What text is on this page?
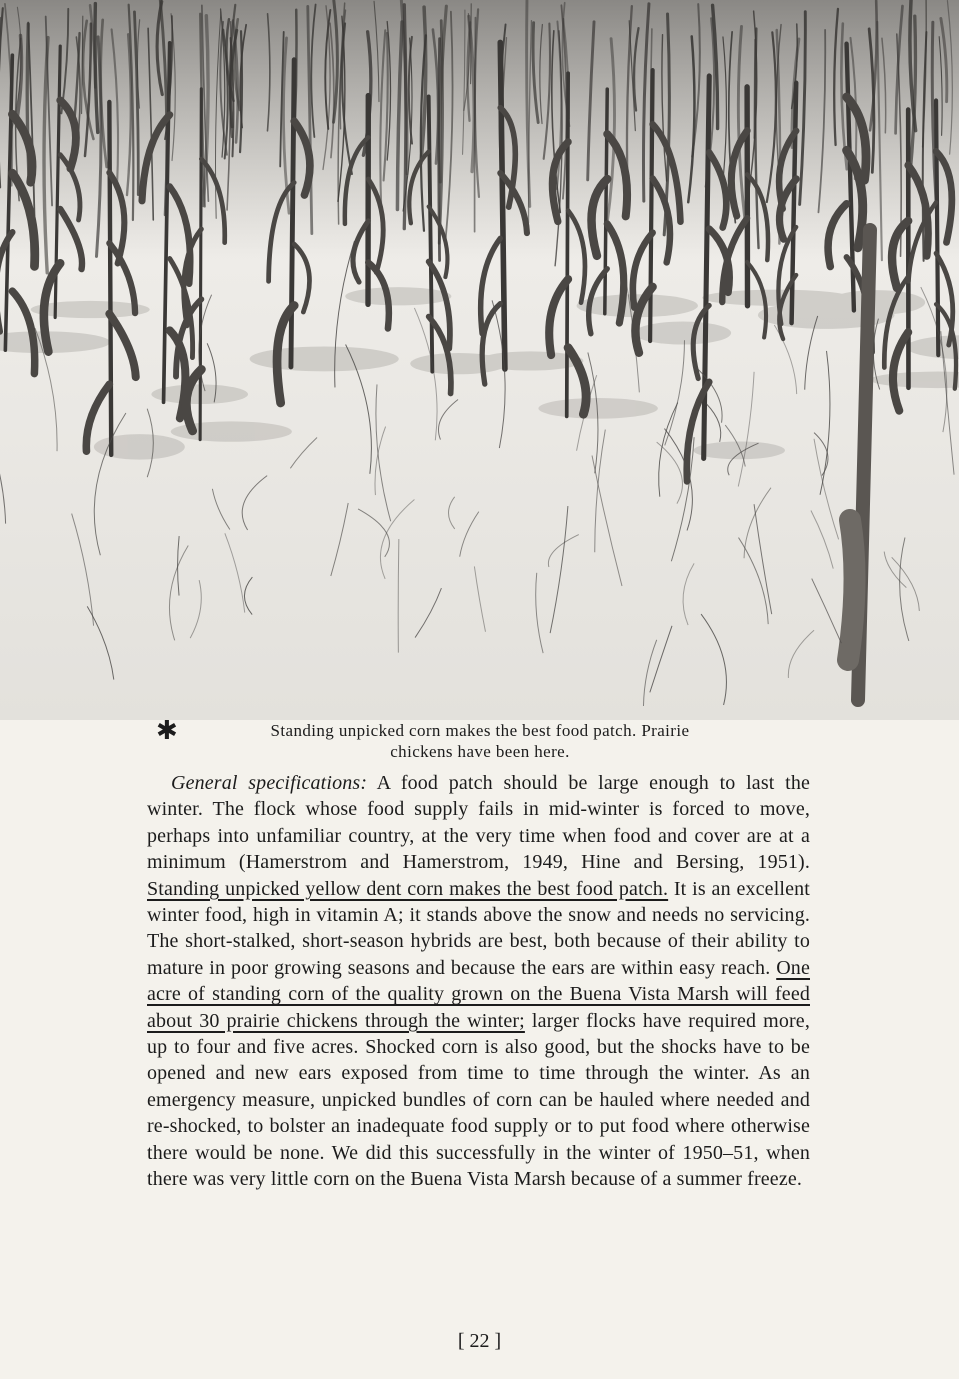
✱	Standing unpicked corn makes the best food patch. Prairie
chickens have been here.

General specifications: A food patch should be large enough to last the winter. The flock whose food supply fails in mid-winter is forced to move, perhaps into unfamiliar country, at the very time when food and cover are at a minimum (Hamerstrom and Hamerstrom, 1949, Hine and Bersing, 1951). Standing unpicked yellow dent corn makes the best food patch. It is an excellent winter food, high in vitamin A; it stands above the snow and needs no servicing. The short-stalked, short-season hybrids are best, both because of their ability to mature in poor growing seasons and because the ears are within easy reach. One acre of standing corn of the quality grown on the Buena Vista Marsh will feed about 30 prairie chickens through the winter; larger flocks have required more, up to four and five acres. Shocked corn is also good, but the shocks have to be opened and new ears exposed from time to time through the winter. As an emergency measure, unpicked bundles of corn can be hauled where needed and re-shocked, to bolster an inadequate food supply or to put food where otherwise there would be none. We did this successfully in the winter of 1950–51, when there was very little corn on the Buena Vista Marsh because of a summer freeze.

[ 22 ]
